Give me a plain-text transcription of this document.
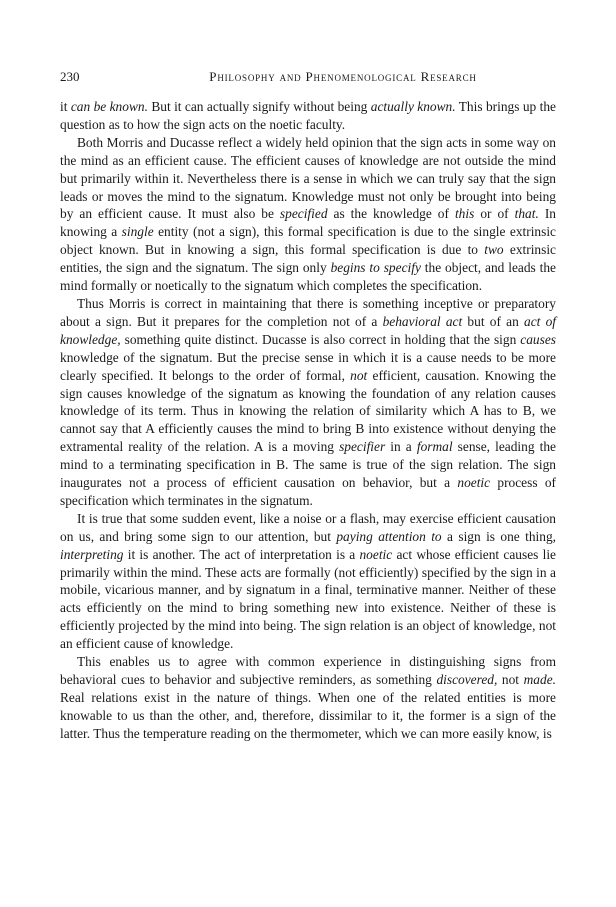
230	Philosophy and Phenomenological Research

it can be known. But it can actually signify without being actually known. This brings up the question as to how the sign acts on the noetic faculty.

Both Morris and Ducasse reflect a widely held opinion that the sign acts in some way on the mind as an efficient cause. The efficient causes of knowledge are not outside the mind but primarily within it. Nevertheless there is a sense in which we can truly say that the sign leads or moves the mind to the signatum. Knowledge must not only be brought into being by an efficient cause. It must also be specified as the knowledge of this or of that. In knowing a single entity (not a sign), this formal specification is due to the single extrinsic object known. But in knowing a sign, this formal specification is due to two extrinsic entities, the sign and the signatum. The sign only begins to specify the object, and leads the mind formally or noetically to the signatum which completes the specification.

Thus Morris is correct in maintaining that there is something inceptive or preparatory about a sign. But it prepares for the completion not of a behavioral act but of an act of knowledge, something quite distinct. Ducasse is also correct in holding that the sign causes knowledge of the signatum. But the precise sense in which it is a cause needs to be more clearly specified. It belongs to the order of formal, not efficient, causation. Knowing the sign causes knowledge of the signatum as knowing the foundation of any relation causes knowledge of its term. Thus in knowing the relation of similarity which A has to B, we cannot say that A efficiently causes the mind to bring B into existence without denying the extramental reality of the relation. A is a moving specifier in a formal sense, leading the mind to a terminating specification in B. The same is true of the sign relation. The sign inaugurates not a process of efficient causation on behavior, but a noetic process of specification which terminates in the signatum.

It is true that some sudden event, like a noise or a flash, may exercise efficient causation on us, and bring some sign to our attention, but paying attention to a sign is one thing, interpreting it is another. The act of interpretation is a noetic act whose efficient causes lie primarily within the mind. These acts are formally (not efficiently) specified by the sign in a mobile, vicarious manner, and by signatum in a final, terminative manner. Neither of these acts efficiently on the mind to bring something new into existence. Neither of these is efficiently projected by the mind into being. The sign relation is an object of knowledge, not an efficient cause of knowledge.

This enables us to agree with common experience in distinguishing signs from behavioral cues to behavior and subjective reminders, as something discovered, not made. Real relations exist in the nature of things. When one of the related entities is more knowable to us than the other, and, therefore, dissimilar to it, the former is a sign of the latter. Thus the temperature reading on the thermometer, which we can more easily know, is
